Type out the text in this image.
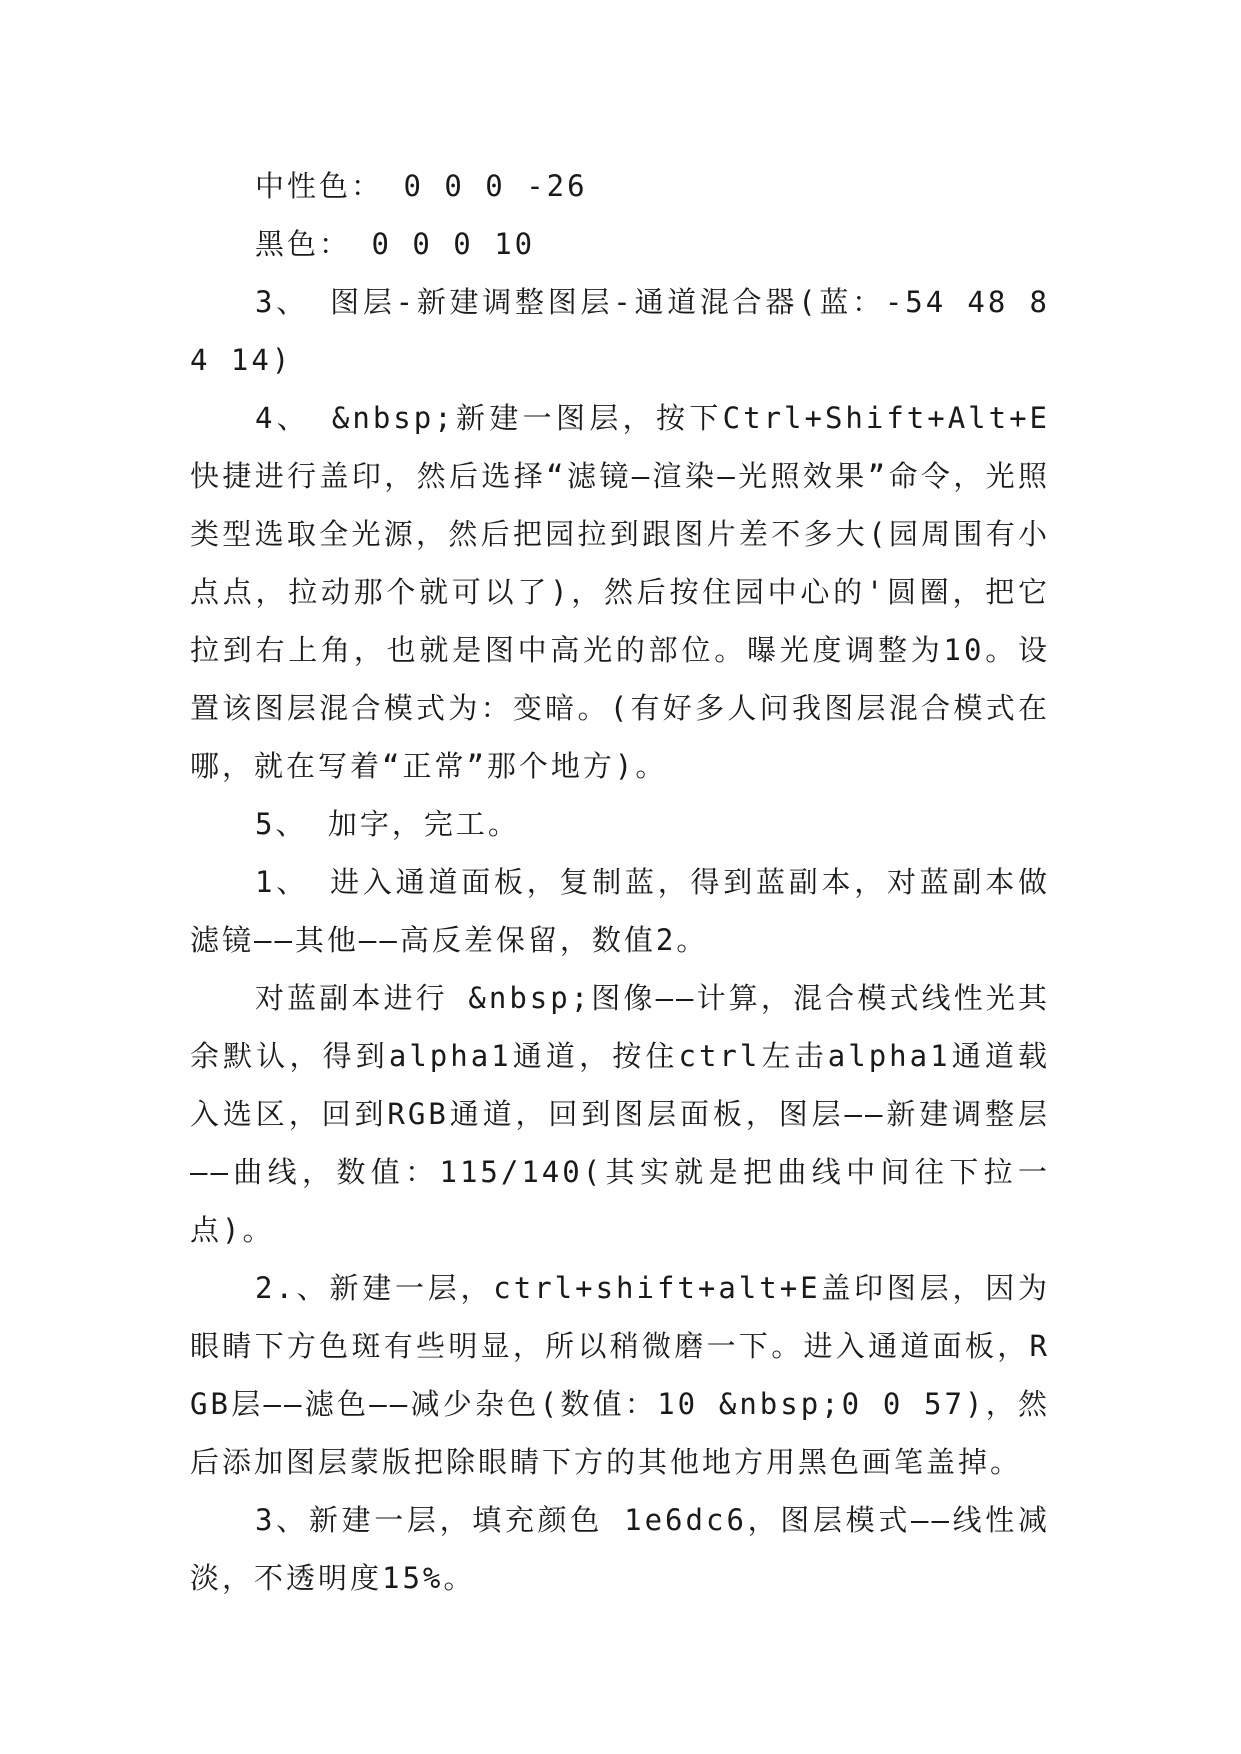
中性色： 0 0 0 -26

黑色： 0 0 0 10

3、 图层-新建调整图层-通道混合器(蓝：-54 48 84 14)

4、 &nbsp;新建一图层，按下Ctrl+Shift+Alt+E快捷进行盖印，然后选择“滤镜—渲染—光照效果”命令，光照类型选取全光源，然后把园拉到跟图片差不多大(园周围有小点点，拉动那个就可以了)，然后按住园中心的'圆圈，把它拉到右上角，也就是图中高光的部位。曝光度调整为10。设置该图层混合模式为：变暗。(有好多人问我图层混合模式在哪，就在写着“正常”那个地方)。

5、 加字，完工。

1、 进入通道面板，复制蓝，得到蓝副本，对蓝副本做滤镜——其他——高反差保留，数值2。

对蓝副本进行 &nbsp;图像——计算，混合模式线性光其余默认，得到alpha1通道，按住ctrl左击alpha1通道载入选区，回到RGB通道，回到图层面板，图层——新建调整层——曲线，数值：115/140(其实就是把曲线中间往下拉一点)。

2.、新建一层，ctrl+shift+alt+E盖印图层，因为眼睛下方色斑有些明显，所以稍微磨一下。进入通道面板，RGB层——滤色——减少杂色(数值：10 &nbsp;0 0 57)，然后添加图层蒙版把除眼睛下方的其他地方用黑色画笔盖掉。

3、新建一层，填充颜色 1e6dc6，图层模式——线性减淡，不透明度15%。
